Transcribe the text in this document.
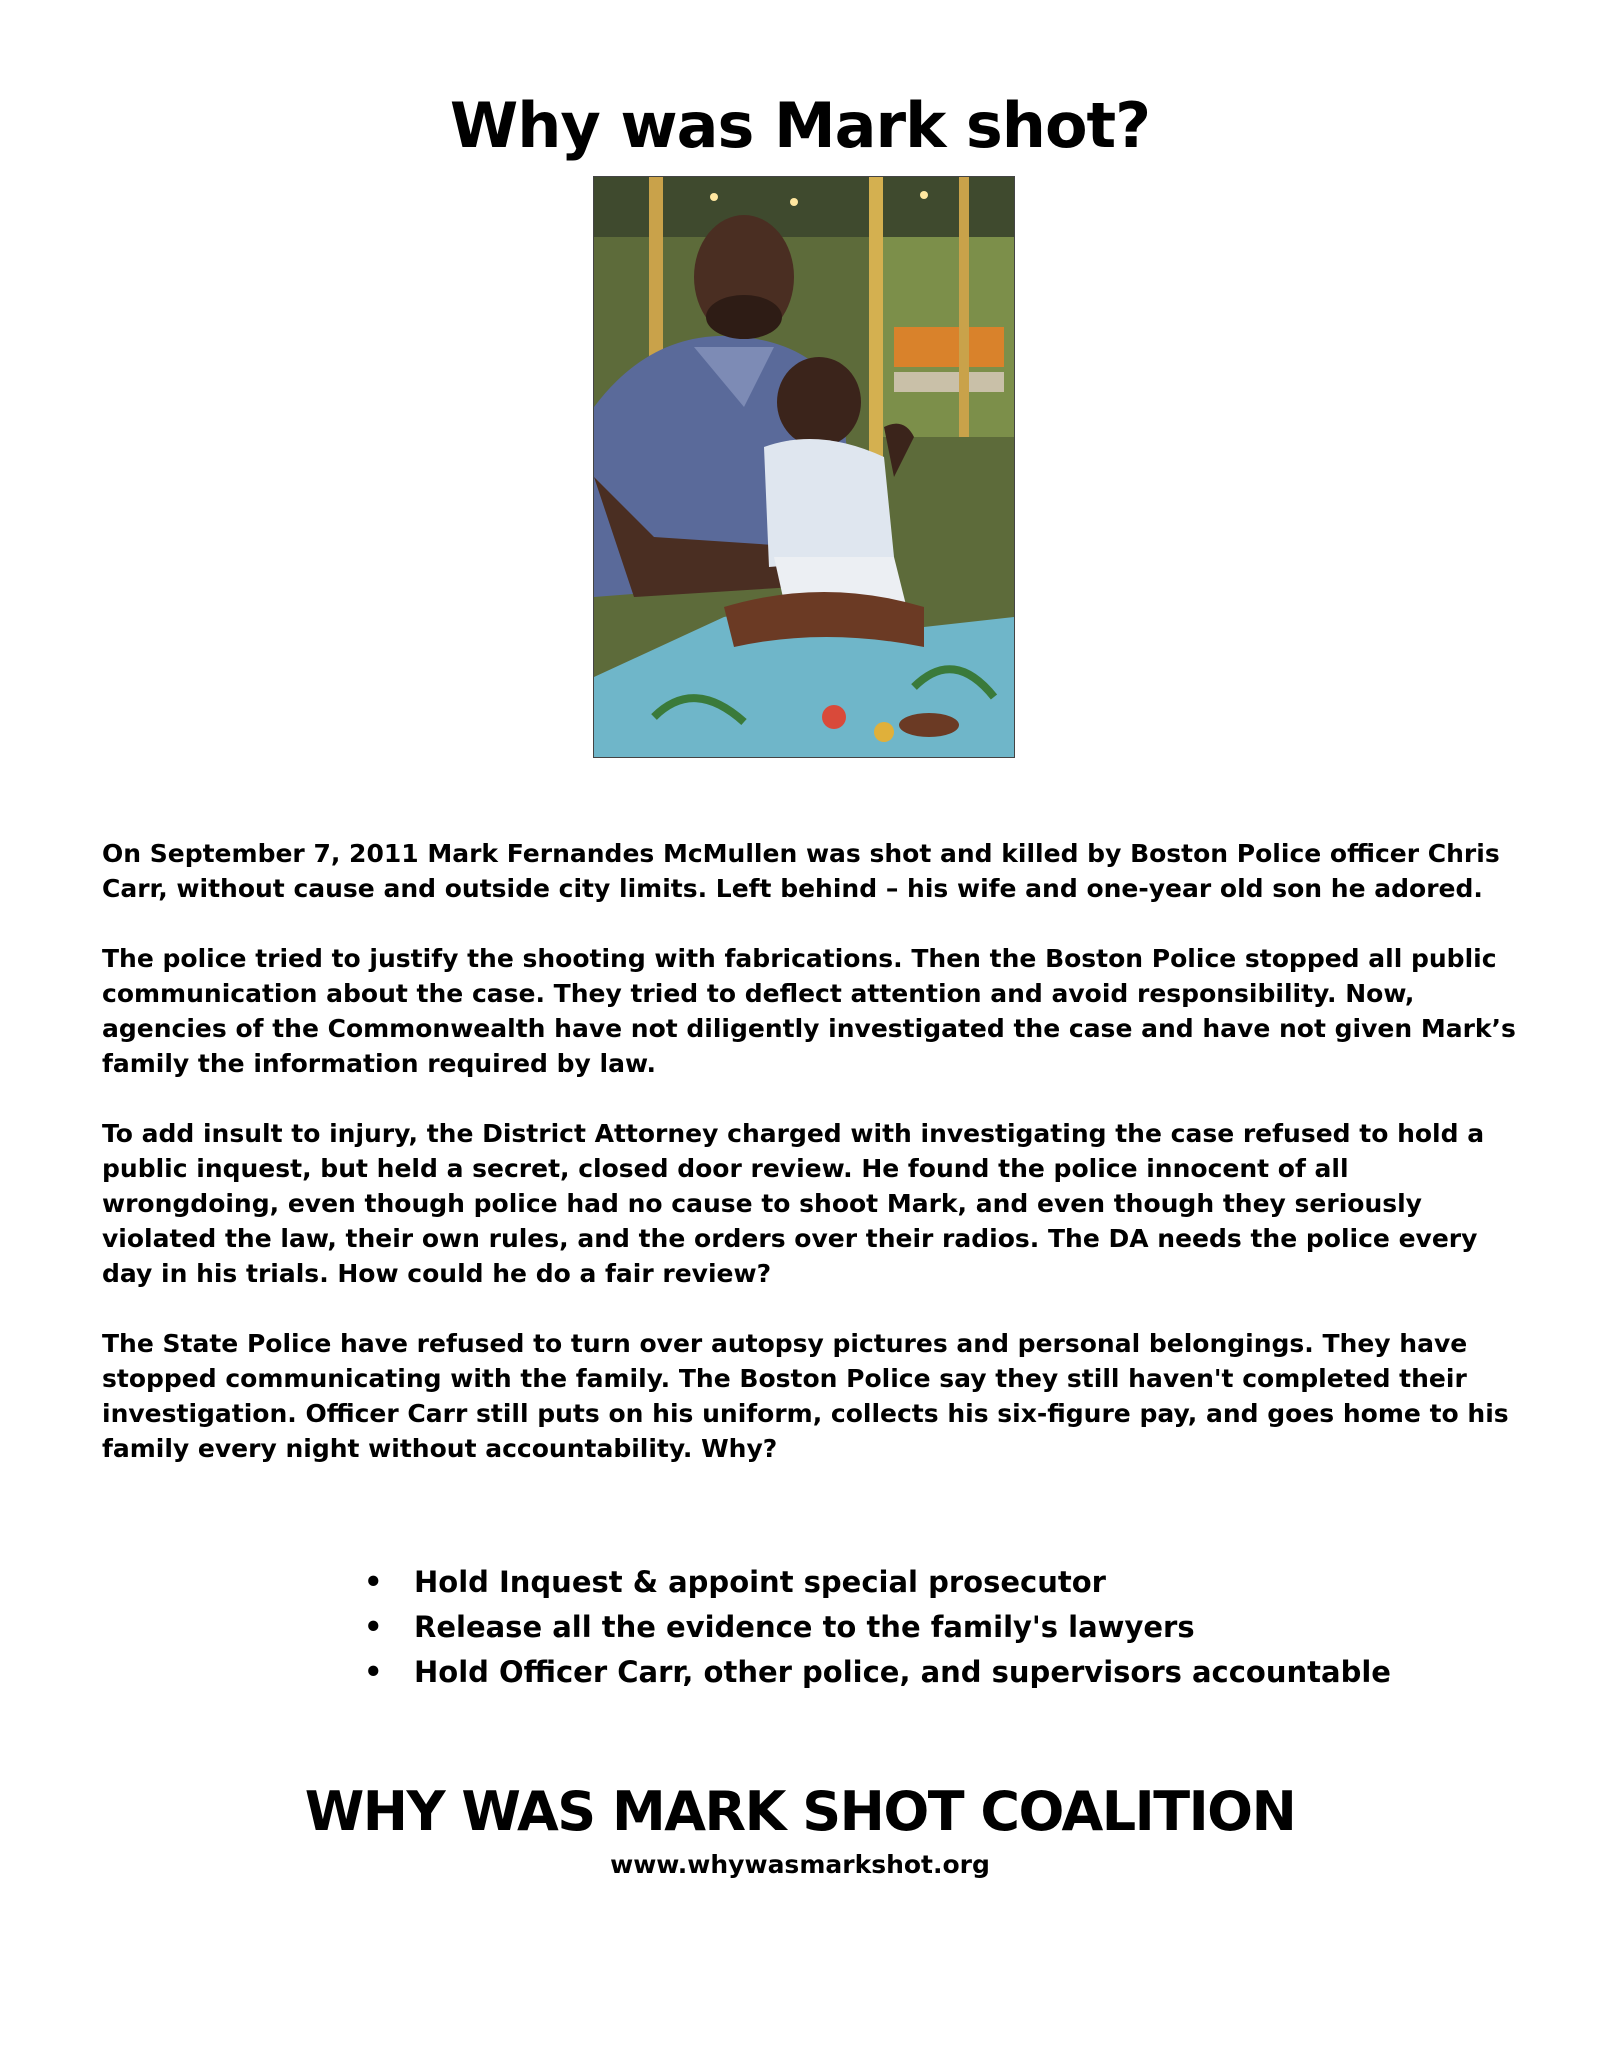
Why was Mark shot?

On September 7, 2011 Mark Fernandes McMullen was shot and killed by Boston Police officer Chris Carr, without cause and outside city limits. Left behind – his wife and one-year old son he adored.

The police tried to justify the shooting with fabrications. Then the Boston Police stopped all public communication about the case. They tried to deflect attention and avoid responsibility. Now, agencies of the Commonwealth have not diligently investigated the case and have not given Mark’s family the information required by law.

To add insult to injury, the District Attorney charged with investigating the case refused to hold a public inquest, but held a secret, closed door review. He found the police innocent of all wrongdoing, even though police had no cause to shoot Mark, and even though they seriously violated the law, their own rules, and the orders over their radios. The DA needs the police every day in his trials. How could he do a fair review?

The State Police have refused to turn over autopsy pictures and personal belongings. They have stopped communicating with the family. The Boston Police say they still haven't completed their investigation. Officer Carr still puts on his uniform, collects his six-figure pay, and goes home to his family every night without accountability. Why?

• Hold Inquest & appoint special prosecutor
• Release all the evidence to the family's lawyers
• Hold Officer Carr, other police, and supervisors accountable
WHY WAS MARK SHOT COALITION
www.whywasmarkshot.org
